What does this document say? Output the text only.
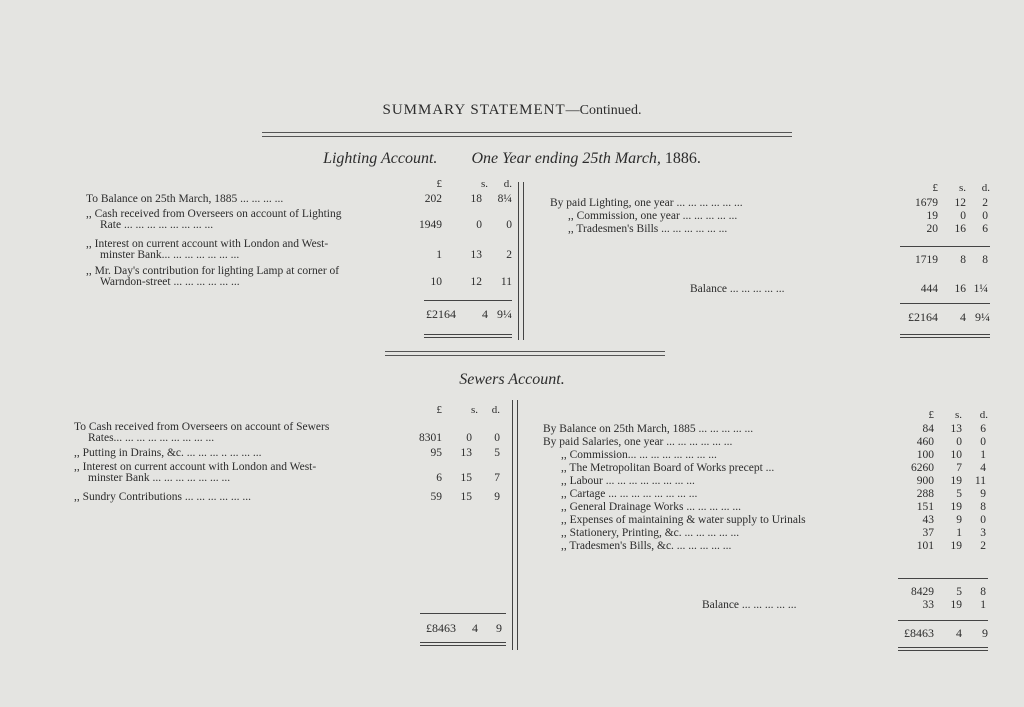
SUMMARY STATEMENT—Continued.
Lighting Account. One Year ending 25th March, 1886.
£	s.	d.	£	s.	d.
To Balance on 25th March, 1885 ... ... ... ...	202	18	8¼
,, Cash received from Overseers on account of Lighting
Rate ... ... ... ... ... ... ... ...	1949	0	0
,, Interest on current account with London and West-
minster Bank... ... ... ... ... ... ...	1	13	2
,, Mr. Day's contribution for lighting Lamp at corner of
Warndon-street ... ... ... ... ... ...	10	12	11
By paid Lighting, one year ... ... ... ... ... ...	1679	12	2
,, Commission, one year ... ... ... ... ...	19	0	0
,, Tradesmen's Bills ... ... ... ... ... ...	20	16	6
£2164	4 9¼
1719	8	8
Balance ... ... ... ... ...	444	16 1¼
£2164	4 9¼
Sewers Account.
£	s.	d.	£	s.	d.
To Cash received from Overseers on account of Sewers
Rates... ... ... ... ... ... ... ... ...	8301	0	0
,, Putting in Drains, &c. ... ... ... .. ... ... ...	95	13	5
,, Interest on current account with London and West-
minster Bank ... ... ... ... ... ... ...	6	15	7
,, Sundry Contributions ... ... ... ... ... ...	59	15	9
By Balance on 25th March, 1885 ... ... ... ... ...	84	13	6
By paid Salaries, one year ... ... ... ... ... ...	460	0	0
,, Commission... ... ... ... ... ... ... ...	100	10	1
,, The Metropolitan Board of Works precept ...	6260	7	4
,, Labour ... ... ... ... ... ... ... ...	900	19	11
,, Cartage ... ... ... ... ... ... ... ...	288	5	9
,, General Drainage Works ... ... ... ... ...	151	19	8
,, Expenses of maintaining & water supply to Urinals	43	9	0
,, Stationery, Printing, &c. ... ... ... ... ...	37	1	3
,, Tradesmen's Bills, &c. ... ... ... ... ...	101	19	2
£8463	4	9
8429	5	8
Balance ... ... ... ... ...	33	19	1
£8463	4	9
